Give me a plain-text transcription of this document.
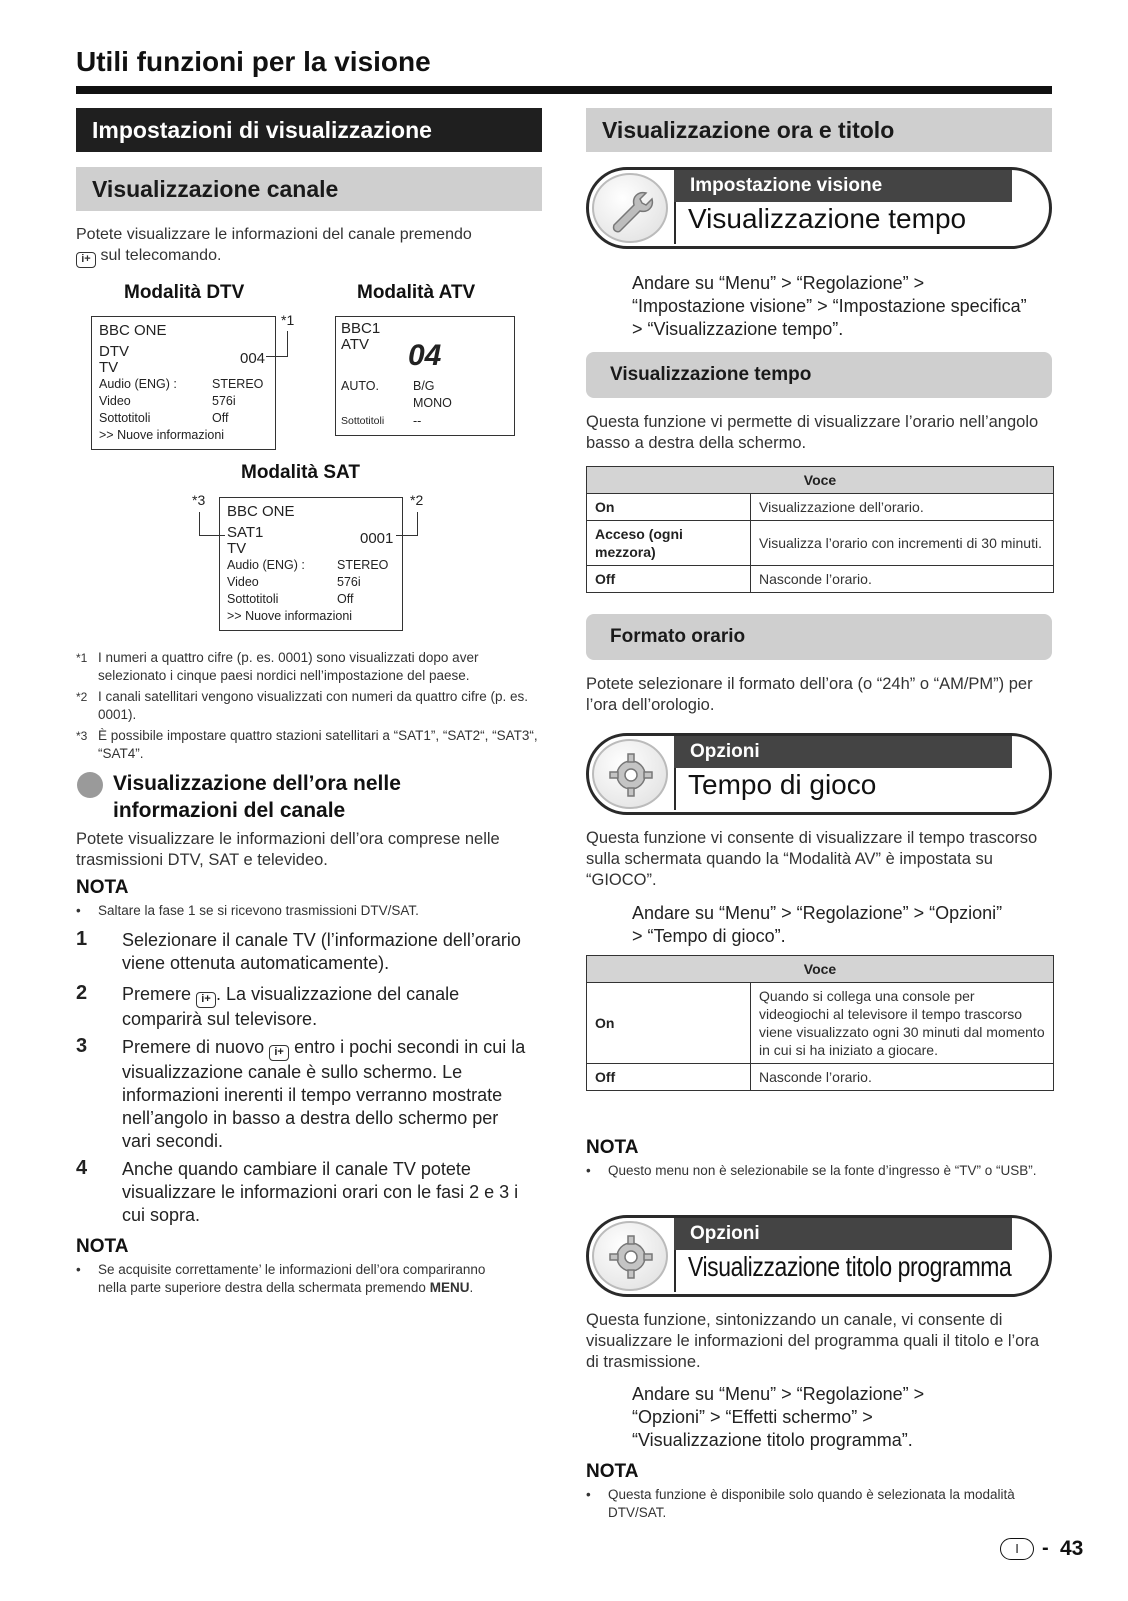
Utili funzioni per la visione
Impostazioni di visualizzazione
Visualizzazione canale
Potete visualizzare le informazioni del canale premendo
i+ sul telecomando.
Modalità DTV
BBC ONE
DTV
TV
004
Audio (ENG) :	STEREO
Video	576i
Sottotitoli	Off
>> Nuove informazioni
*1
Modalità ATV
BBC1
ATV 04
AUTO.	B/G
MONO
Sottotitoli --
Modalità SAT
BBC ONE
SAT1
TV
0001
Audio (ENG) :	STEREO
Video	576i
Sottotitoli	Off
>> Nuove informazioni
*3	*2
*1 I numeri a quattro cifre (p. es. 0001) sono visualizzati dopo aver selezionato i cinque paesi nordici nell’impostazione del paese.
*2 I canali satellitari vengono visualizzati con numeri da quattro cifre (p. es. 0001).
*3 È possibile impostare quattro stazioni satellitari a “SAT1”, “SAT2“, “SAT3“, “SAT4”.
Visualizzazione dell’ora nelle informazioni del canale
Potete visualizzare le informazioni dell’ora comprese nelle trasmissioni DTV, SAT e televideo.
NOTA
•	Saltare la fase 1 se si ricevono trasmissioni DTV/SAT.
1	Selezionare il canale TV (l’informazione dell’orario viene ottenuta automaticamente).
2	Premere i+ . La visualizzazione del canale comparirà sul televisore.
3	Premere di nuovo i+ entro i pochi secondi in cui la visualizzazione canale è sullo schermo. Le informazioni inerenti il tempo verranno mostrate nell’angolo in basso a destra dello schermo per vari secondi.
4	Anche quando cambiare il canale TV potete visualizzare le informazioni orari con le fasi 2 e 3 i cui sopra.
NOTA
•	Se acquisite correttamente’ le informazioni dell’ora compariranno nella parte superiore destra della schermata premendo MENU.
Visualizzazione ora e titolo
Impostazione visione
Visualizzazione tempo
Andare su “Menu” > “Regolazione” > “Impostazione visione” > “Impostazione specifica” > “Visualizzazione tempo”.
Visualizzazione tempo
Questa funzione vi permette di visualizzare l’orario nell’angolo basso a destra della schermo.
Voce	
On	Visualizzazione dell’orario.
Acceso (ogni mezzora)	Visualizza l’orario con incrementi di 30 minuti.
Off	Nasconde l’orario.
Formato orario
Potete selezionare il formato dell’ora (o “24h” o “AM/PM”) per l’ora dell’orologio.
Opzioni
Tempo di gioco
Questa funzione vi consente di visualizzare il tempo trascorso sulla schermata quando la “Modalità AV” è impostata su “GIOCO”.
Andare su “Menu” > “Regolazione” > “Opzioni” > “Tempo di gioco”.
Voce	
On	Quando si collega una console per videogiochi al televisore il tempo trascorso viene visualizzato ogni 30 minuti dal momento in cui si ha iniziato a giocare.
Off	Nasconde l’orario.
NOTA
•	Questo menu non è selezionabile se la fonte d’ingresso è “TV” o “USB”.
Opzioni
Visualizzazione titolo programma
Questa funzione, sintonizzando un canale, vi consente di visualizzare le informazioni del programma quali il titolo e l’ora di trasmissione.
Andare su “Menu” > “Regolazione” > “Opzioni” > “Effetti schermo” > “Visualizzazione titolo programma”.
NOTA
•	Questa funzione è disponibile solo quando è selezionata la modalità DTV/SAT.
I	- 43
